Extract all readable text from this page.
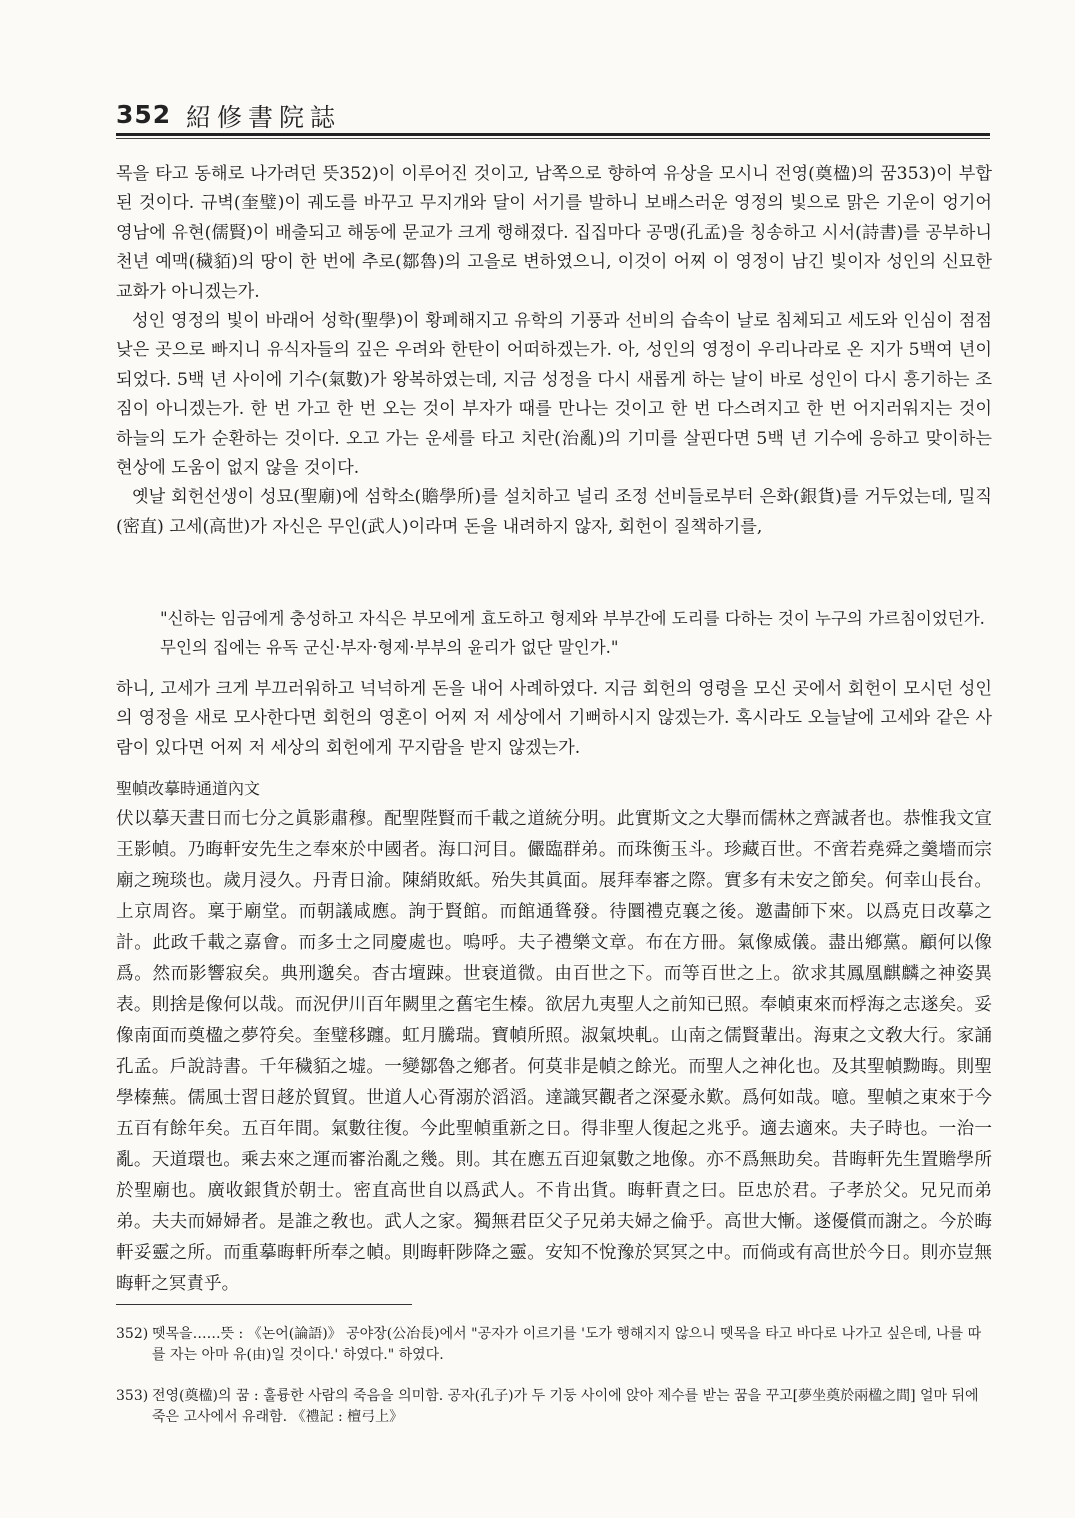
352 紹修書院誌

목을 타고 동해로 나가려던 뜻352)이 이루어진 것이고, 남쪽으로 향하여 유상을 모시니 전영(奠楹)의 꿈353)이 부합된 것이다. 규벽(奎璧)이 궤도를 바꾸고 무지개와 달이 서기를 발하니 보배스러운 영정의 빛으로 맑은 기운이 엉기어 영남에 유현(儒賢)이 배출되고 해동에 문교가 크게 행해졌다. 집집마다 공맹(孔孟)을 칭송하고 시서(詩書)를 공부하니 천년 예맥(穢貊)의 땅이 한 번에 추로(鄒魯)의 고을로 변하였으니, 이것이 어찌 이 영정이 남긴 빛이자 성인의 신묘한 교화가 아니겠는가.

성인 영정의 빛이 바래어 성학(聖學)이 황폐해지고 유학의 기풍과 선비의 습속이 날로 침체되고 세도와 인심이 점점 낮은 곳으로 빠지니 유식자들의 깊은 우려와 한탄이 어떠하겠는가. 아, 성인의 영정이 우리나라로 온 지가 5백여 년이 되었다. 5백 년 사이에 기수(氣數)가 왕복하였는데, 지금 성정을 다시 새롭게 하는 날이 바로 성인이 다시 흥기하는 조짐이 아니겠는가. 한 번 가고 한 번 오는 것이 부자가 때를 만나는 것이고 한 번 다스려지고 한 번 어지러워지는 것이 하늘의 도가 순환하는 것이다. 오고 가는 운세를 타고 치란(治亂)의 기미를 살핀다면 5백 년 기수에 응하고 맞이하는 현상에 도움이 없지 않을 것이다.

옛날 회헌선생이 성묘(聖廟)에 섬학소(贍學所)를 설치하고 널리 조정 선비들로부터 은화(銀貨)를 거두었는데, 밀직(密直) 고세(高世)가 자신은 무인(武人)이라며 돈을 내려하지 않자, 회헌이 질책하기를,

"신하는 임금에게 충성하고 자식은 부모에게 효도하고 형제와 부부간에 도리를 다하는 것이 누구의 가르침이었던가.

무인의 집에는 유독 군신·부자·형제·부부의 윤리가 없단 말인가."

하니, 고세가 크게 부끄러워하고 넉넉하게 돈을 내어 사례하였다. 지금 회헌의 영령을 모신 곳에서 회헌이 모시던 성인의 영정을 새로 모사한다면 회헌의 영혼이 어찌 저 세상에서 기뻐하시지 않겠는가. 혹시라도 오늘날에 고세와 같은 사람이 있다면 어찌 저 세상의 회헌에게 꾸지람을 받지 않겠는가.

聖幀改摹時通道內文

伏以摹天晝日而七分之眞影肅穆。配聖陛賢而千載之道統分明。此實斯文之大擧而儒林之齊誠者也。恭惟我文宣王影幀。乃晦軒安先生之奉來於中國者。海口河目。儼臨群弟。而珠衡玉斗。珍藏百世。不啻若堯舜之羹墻而宗廟之琬琰也。歲月浸久。丹青日渝。陳綃敗紙。殆失其眞面。展拜奉審之際。實多有未安之節矣。何幸山長台。上京周咨。稟于廟堂。而朝議咸應。詢于賢館。而館通聳發。待圜禮克襄之後。邀畵師下來。以爲克日改摹之計。此政千載之嘉會。而多士之同慶處也。嗚呼。夫子禮樂文章。布在方冊。氣像威儀。盡出鄕黨。顧何以像爲。然而影響寂矣。典刑邈矣。杳古壇踈。世衰道微。由百世之下。而等百世之上。欲求其鳳凰麒麟之神姿異表。則捨是像何以哉。而況伊川百年闕里之舊宅生榛。欲居九夷聖人之前知已照。奉幀東來而桴海之志遂矣。妥像南面而奠楹之夢符矣。奎璧移躔。虹月騰瑞。寶幀所照。淑氣坱軋。山南之儒賢輩出。海東之文敎大行。家誦孔孟。戶說詩書。千年穢貊之墟。一變鄒魯之鄕者。何莫非是幀之餘光。而聖人之神化也。及其聖幀黝晦。則聖學榛蕪。儒風士習日趍於貿貿。世道人心胥溺於滔滔。達識冥觀者之深憂永歎。爲何如哉。噫。聖幀之東來于今五百有餘年矣。五百年間。氣數往復。今此聖幀重新之日。得非聖人復起之兆乎。適去適來。夫子時也。一治一亂。天道環也。乘去來之運而審治亂之幾。則。其在應五百迎氣數之地像。亦不爲無助矣。昔晦軒先生置贍學所於聖廟也。廣收銀貨於朝士。密直高世自以爲武人。不肯出貨。晦軒責之曰。臣忠於君。子孝於父。兄兄而弟弟。夫夫而婦婦者。是誰之敎也。武人之家。獨無君臣父子兄弟夫婦之倫乎。高世大慚。遂優償而謝之。今於晦軒妥靈之所。而重摹晦軒所奉之幀。則晦軒陟降之靈。安知不悅豫於冥冥之中。而倘或有高世於今日。則亦豈無晦軒之冥責乎。

352) 뗏목을……뜻 : 《논어(論語)》 공야장(公冶長)에서 "공자가 이르기를 '도가 행해지지 않으니 뗏목을 타고 바다로 나가고 싶은데, 나를 따를 자는 아마 유(由)일 것이다.' 하였다." 하였다.
353) 전영(奠楹)의 꿈 : 훌륭한 사람의 죽음을 의미함. 공자(孔子)가 두 기둥 사이에 앉아 제수를 받는 꿈을 꾸고[夢坐奠於兩楹之間] 얼마 뒤에 죽은 고사에서 유래함. 《禮記 : 檀弓上》
